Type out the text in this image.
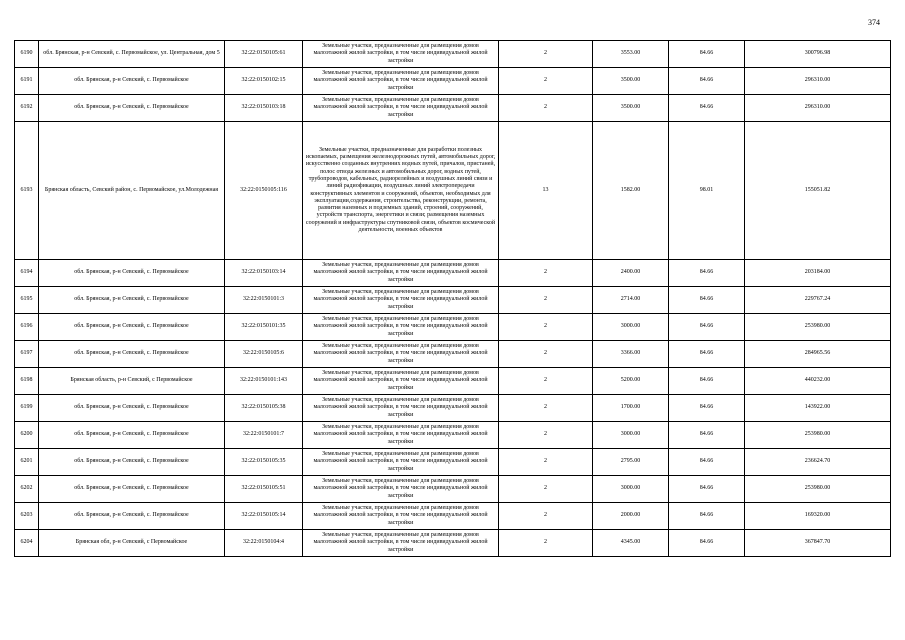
374
6190	обл. Брянская, р-н Севский, с. Первомайское, ул. Центральная, дом 5	32:22:0150105:61	Земельные участки, предназначенные для размещения домов малоэтажной жилой застройки, в том числе индивидуальной жилой застройки	2	3553.00	84.66	300796.98
6191	обл. Брянская, р-н Севский, с. Первомайское	32:22:0150102:15	Земельные участки, предназначенные для размещения домов малоэтажной жилой застройки, в том числе индивидуальной жилой застройки	2	3500.00	84.66	296310.00
6192	обл. Брянская, р-н Севский, с. Первомайское	32:22:0150103:18	Земельные участки, предназначенные для размещения домов малоэтажной жилой застройки, в том числе индивидуальной жилой застройки	2	3500.00	84.66	296310.00
6193	Брянская область, Севский район, с. Первомайское, ул.Молодежная	32:22:0150105:116	Земельные участки, предназначенные для разработки полезных ископаемых, размещения железнодорожных путей, автомобильных дорог, искусственно созданных внутренних водных путей, причалов, пристаней, полос отвода железных и автомобильных дорог, водных путей, трубопроводов, кабельных, радиорелейных и воздушных линий связи и линий радиофикации, воздушных линий электропередачи конструктивных элементов и сооружений, объектов, необходимых для эксплуатации,содержания, строительства, реконструкции, ремонта, развития наземных и подземных зданий, строений, сооружений, устройств транспорта, энергетики и связи; размещения наземных сооружений и инфраструктуры спутниковой связи, объектов космической деятельности, военных объектов	13	1582.00	98.01	155051.82
6194	обл. Брянская, р-н Севский, с. Первомайское	32:22:0150103:14	Земельные участки, предназначенные для размещения домов малоэтажной жилой застройки, в том числе индивидуальной жилой застройки	2	2400.00	84.66	203184.00
6195	обл. Брянская, р-н Севский, с. Первомайское	32:22:0150101:3	Земельные участки, предназначенные для размещения домов малоэтажной жилой застройки, в том числе индивидуальной жилой застройки	2	2714.00	84.66	229767.24
6196	обл. Брянская, р-н Севский, с. Первомайское	32:22:0150101:35	Земельные участки, предназначенные для размещения домов малоэтажной жилой застройки, в том числе индивидуальной жилой застройки	2	3000.00	84.66	253980.00
6197	обл. Брянская, р-н Севский, с. Первомайское	32:22:0150105:6	Земельные участки, предназначенные для размещения домов малоэтажной жилой застройки, в том числе индивидуальной жилой застройки	2	3366.00	84.66	284965.56
6198	Брянская область, р-н Севский, с Первомайское	32:22:0150101:143	Земельные участки, предназначенные для размещения домов малоэтажной жилой застройки, в том числе индивидуальной жилой застройки	2	5200.00	84.66	440232.00
6199	обл. Брянская, р-н Севский, с. Первомайское	32:22:0150105:38	Земельные участки, предназначенные для размещения домов малоэтажной жилой застройки, в том числе индивидуальной жилой застройки	2	1700.00	84.66	143922.00
6200	обл. Брянская, р-н Севский, с. Первомайское	32:22:0150101:7	Земельные участки, предназначенные для размещения домов малоэтажной жилой застройки, в том числе индивидуальной жилой застройки	2	3000.00	84.66	253980.00
6201	обл. Брянская, р-н Севский, с. Первомайское	32:22:0150105:35	Земельные участки, предназначенные для размещения домов малоэтажной жилой застройки, в том числе индивидуальной жилой застройки	2	2795.00	84.66	236624.70
6202	обл. Брянская, р-н Севский, с. Первомайское	32:22:0150105:51	Земельные участки, предназначенные для размещения домов малоэтажной жилой застройки, в том числе индивидуальной жилой застройки	2	3000.00	84.66	253980.00
6203	обл. Брянская, р-н Севский, с. Первомайское	32:22:0150105:14	Земельные участки, предназначенные для размещения домов малоэтажной жилой застройки, в том числе индивидуальной жилой застройки	2	2000.00	84.66	169320.00
6204	Брянская обл, р-н Севский, с Первомайское	32:22:0150104:4	Земельные участки, предназначенные для размещения домов малоэтажной жилой застройки, в том числе индивидуальной жилой застройки	2	4345.00	84.66	367847.70
